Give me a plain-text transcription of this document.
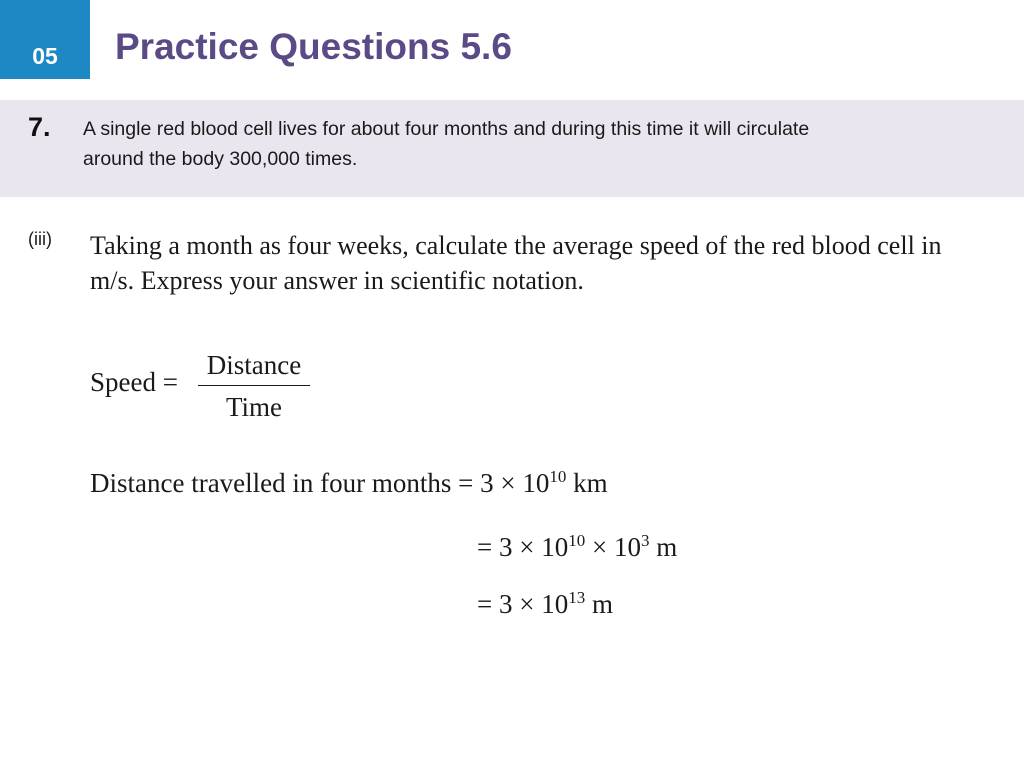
05 Practice Questions 5.6
7. A single red blood cell lives for about four months and during this time it will circulate
around the body 300,000 times.
(iii) Taking a month as four weeks, calculate the average speed of the red blood cell in m/s. Express your answer in scientific notation.
Speed =
Distance
Time
Distance travelled in four months = $3 \times 10^{10}$ km
= $3 \times 10^{10} \times 10^3$ m
= $3 \times 10^{13}$ m
